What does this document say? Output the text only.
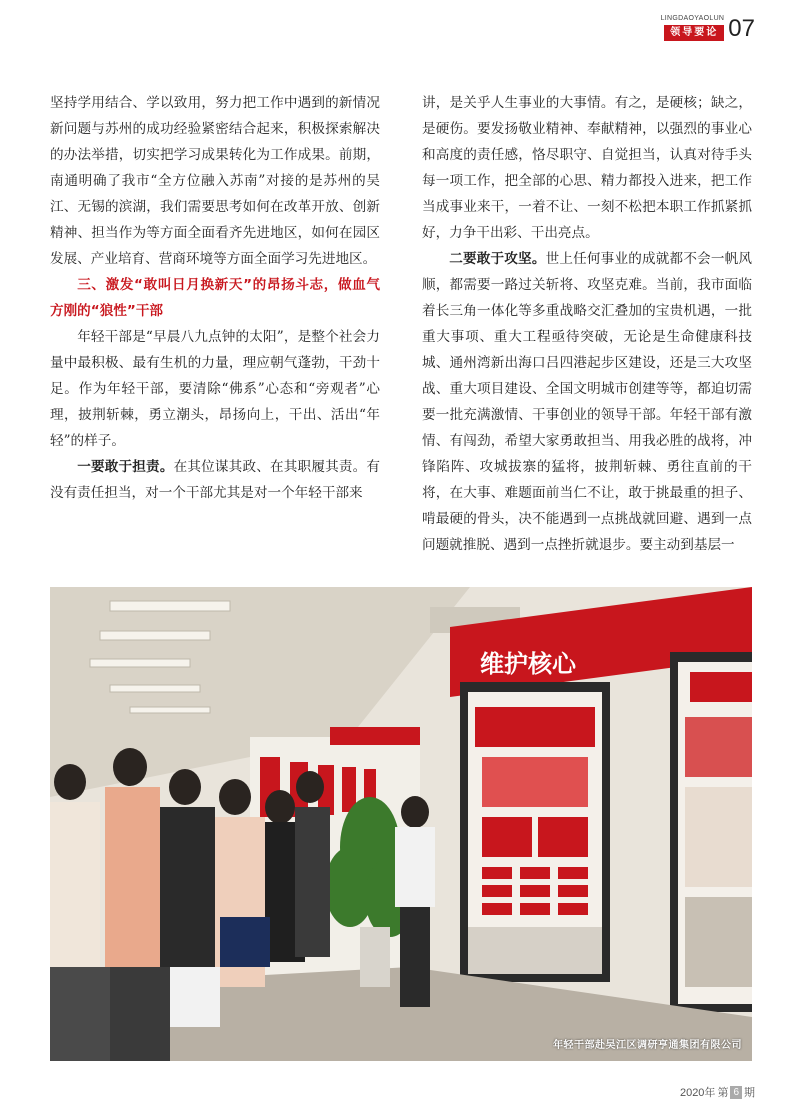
LINGDAOYAOLUN
领导要论 07

坚持学用结合、学以致用，努力把工作中遇到的新情况新问题与苏州的成功经验紧密结合起来，积极探索解决的办法举措，切实把学习成果转化为工作成果。前期，南通明确了我市“全方位融入苏南”对接的是苏州的吴江、无锡的滨湖，我们需要思考如何在改革开放、创新精神、担当作为等方面全面看齐先进地区，如何在园区发展、产业培育、营商环境等方面全面学习先进地区。

三、激发“敢叫日月换新天”的昂扬斗志，做血气方刚的“狼性”干部

年轻干部是“早晨八九点钟的太阳”，是整个社会力量中最积极、最有生机的力量，理应朝气蓬勃，干劲十足。作为年轻干部，要清除“佛系”心态和“旁观者”心理，披荆斩棘，勇立潮头，昂扬向上，干出、活出“年轻”的样子。

一要敢于担责。在其位谋其政、在其职履其责。有没有责任担当，对一个干部尤其是对一个年轻干部来

讲，是关乎人生事业的大事情。有之，是硬核；缺之，是硬伤。要发扬敬业精神、奉献精神，以强烈的事业心和高度的责任感，恪尽职守、自觉担当，认真对待手头每一项工作，把全部的心思、精力都投入进来，把工作当成事业来干，一着不让、一刻不松把本职工作抓紧抓好，力争干出彩、干出亮点。

二要敢于攻坚。世上任何事业的成就都不会一帆风顺，都需要一路过关斩将、攻坚克难。当前，我市面临着长三角一体化等多重战略交汇叠加的宝贵机遇，一批重大事项、重大工程亟待突破，无论是生命健康科技城、通州湾新出海口吕四港起步区建设，还是三大攻坚战、重大项目建设、全国文明城市创建等等，都迫切需要一批充满激情、干事创业的领导干部。年轻干部有激情、有闯劲，希望大家勇敢担当、用我必胜的战将，冲锋陷阵、攻城拔寨的猛将，披荆斩棘、勇往直前的干将，在大事、难题面前当仁不让，敢于挑最重的担子、啃最硬的骨头，决不能遇到一点挑战就回避、遇到一点问题就推脱、遇到一点挫折就退步。要主动到基层一

维护核心
年轻干部赴吴江区调研亨通集团有限公司
2020年 第 6 期
